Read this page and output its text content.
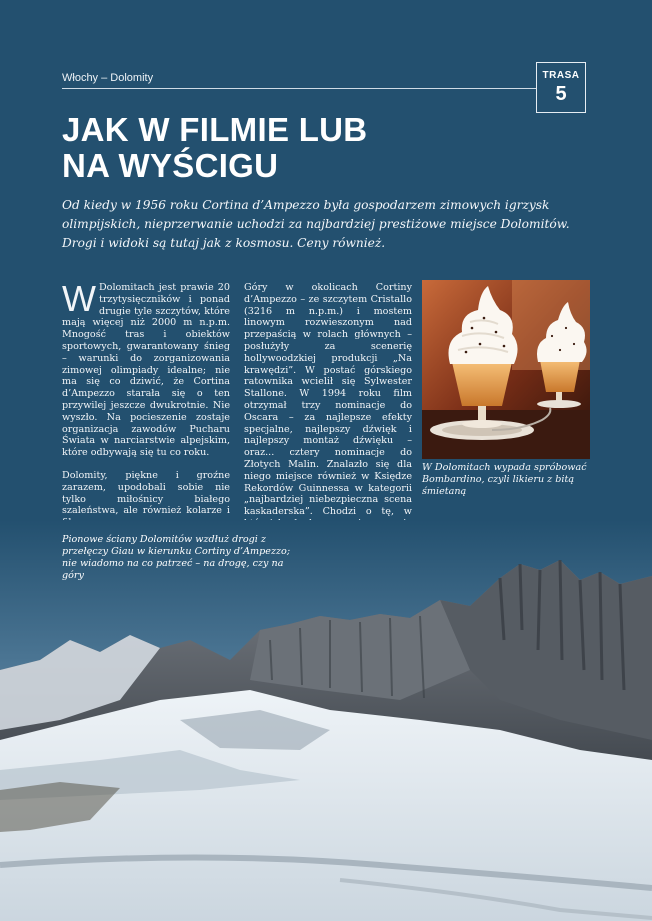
Włochy – Dolomity	TRASA
5
JAK W FILMIE LUB
NA WYŚCIGU

Od kiedy w 1956 roku Cortina d’Ampezzo była gospodarzem zimowych igrzysk olimpijskich, nieprzerwanie uchodzi za najbardziej prestiżowe miejsce Dolomitów. Drogi i widoki są tutaj jak z kosmosu. Ceny również.

W Dolomitach jest prawie 20 trzytysięczników i ponad drugie tyle szczytów, które mają więcej niż 2000 m n.p.m. Mnogość tras i obiektów sportowych, gwarantowany śnieg – warunki do zorganizowania zimowej olimpiady idealne; nie ma się co dziwić, że Cortina d’Ampezzo starała się o ten przywilej jeszcze dwukrotnie. Nie wyszło. Na pocieszenie zostaje organizacja zawodów Pucharu Świata w narciarstwie alpejskim, które odbywają się tu co roku.

Dolomity, piękne i groźne zarazem, upodobali sobie nie tylko miłośnicy białego szaleństwa, ale również kolarze i

Góry w okolicach Cortiny d’Ampezzo – ze szczytem Cristallo (3216 m n.p.m.) i mostem linowym rozwieszonym nad przepaścią w rolach głównych – posłużyły za scenerię hollywoodzkiej produkcji „Na krawędzi”. W postać górskiego ratownika wcielił się Sylwester Stallone. W 1994 roku film otrzymał trzy nominacje do Oscara – za najlepsze efekty specjalne, najlepszy dźwięk i najlepszy montaż dźwięku – oraz... cztery nominacje do Złotych Malin. Znalazło się dla niego miejsce również w Księdze Rekordów Guinnessa w kategorii „najbardziej niebezpieczna scena kaskaderska”. Chodzi o tę, w

W Dolomitach wypada spróbować Bombardino, czyli likieru z bitą śmietaną
Pionowe ściany Dolomitów wzdłuż drogi z przełęczy Giau w kierunku Cortiny d’Ampezzo; nie wiadomo na co patrzeć – na drogę, czy na góry
